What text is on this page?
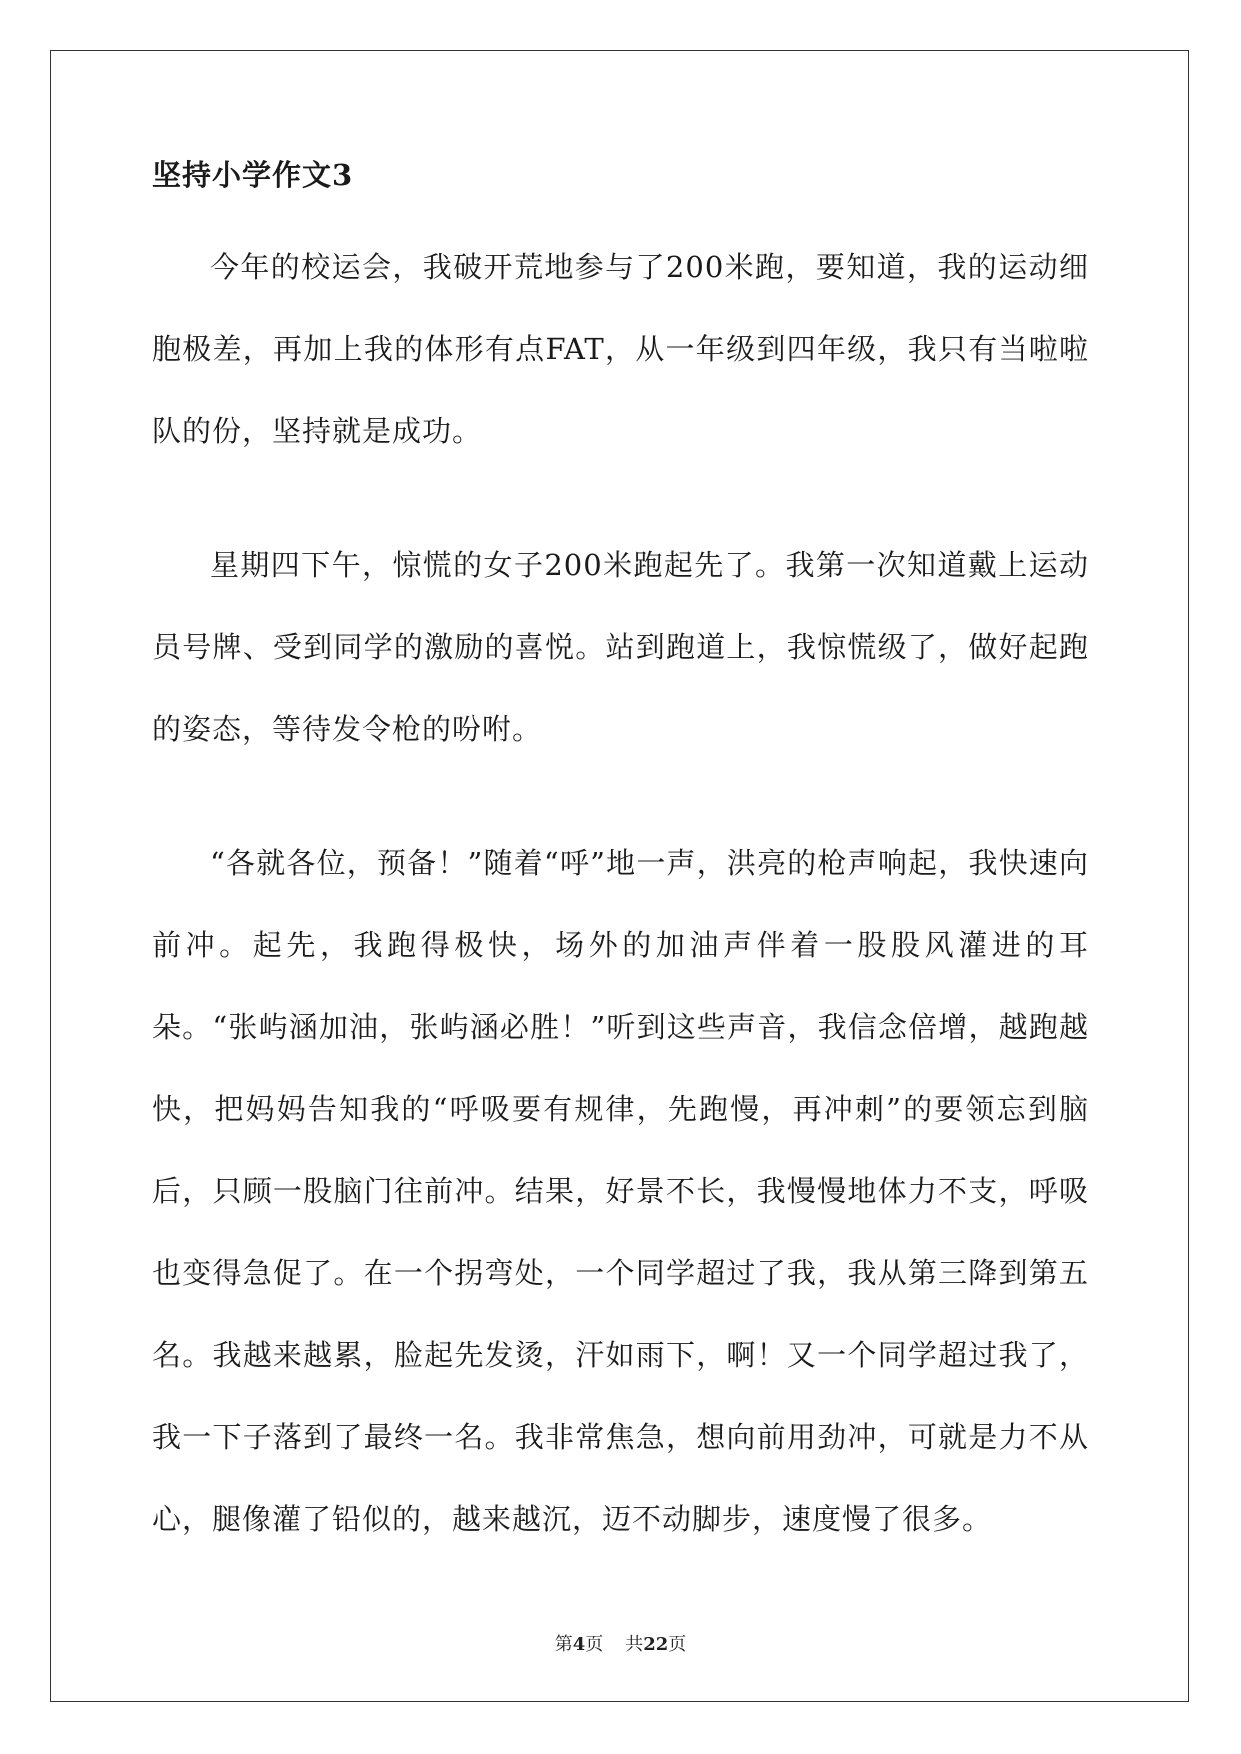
坚持小学作文3

今年的校运会，我破开荒地参与了200米跑，要知道，我的运动细胞极差，再加上我的体形有点FAT，从一年级到四年级，我只有当啦啦队的份，坚持就是成功。

星期四下午，惊慌的女子200米跑起先了。我第一次知道戴上运动员号牌、受到同学的激励的喜悦。站到跑道上，我惊慌级了，做好起跑的姿态，等待发令枪的吩咐。

“各就各位，预备！”随着“呼”地一声，洪亮的枪声响起，我快速向前冲。起先，我跑得极快，场外的加油声伴着一股股风灌进的耳朵。“张屿涵加油，张屿涵必胜！”听到这些声音，我信念倍增，越跑越快，把妈妈告知我的“呼吸要有规律，先跑慢，再冲刺”的要领忘到脑后，只顾一股脑门往前冲。结果，好景不长，我慢慢地体力不支，呼吸也变得急促了。在一个拐弯处，一个同学超过了我，我从第三降到第五名。我越来越累，脸起先发烫，汗如雨下，啊！又一个同学超过我了，我一下子落到了最终一名。我非常焦急，想向前用劲冲，可就是力不从心，腿像灌了铅似的，越来越沉，迈不动脚步，速度慢了很多。

第4页 共22页
